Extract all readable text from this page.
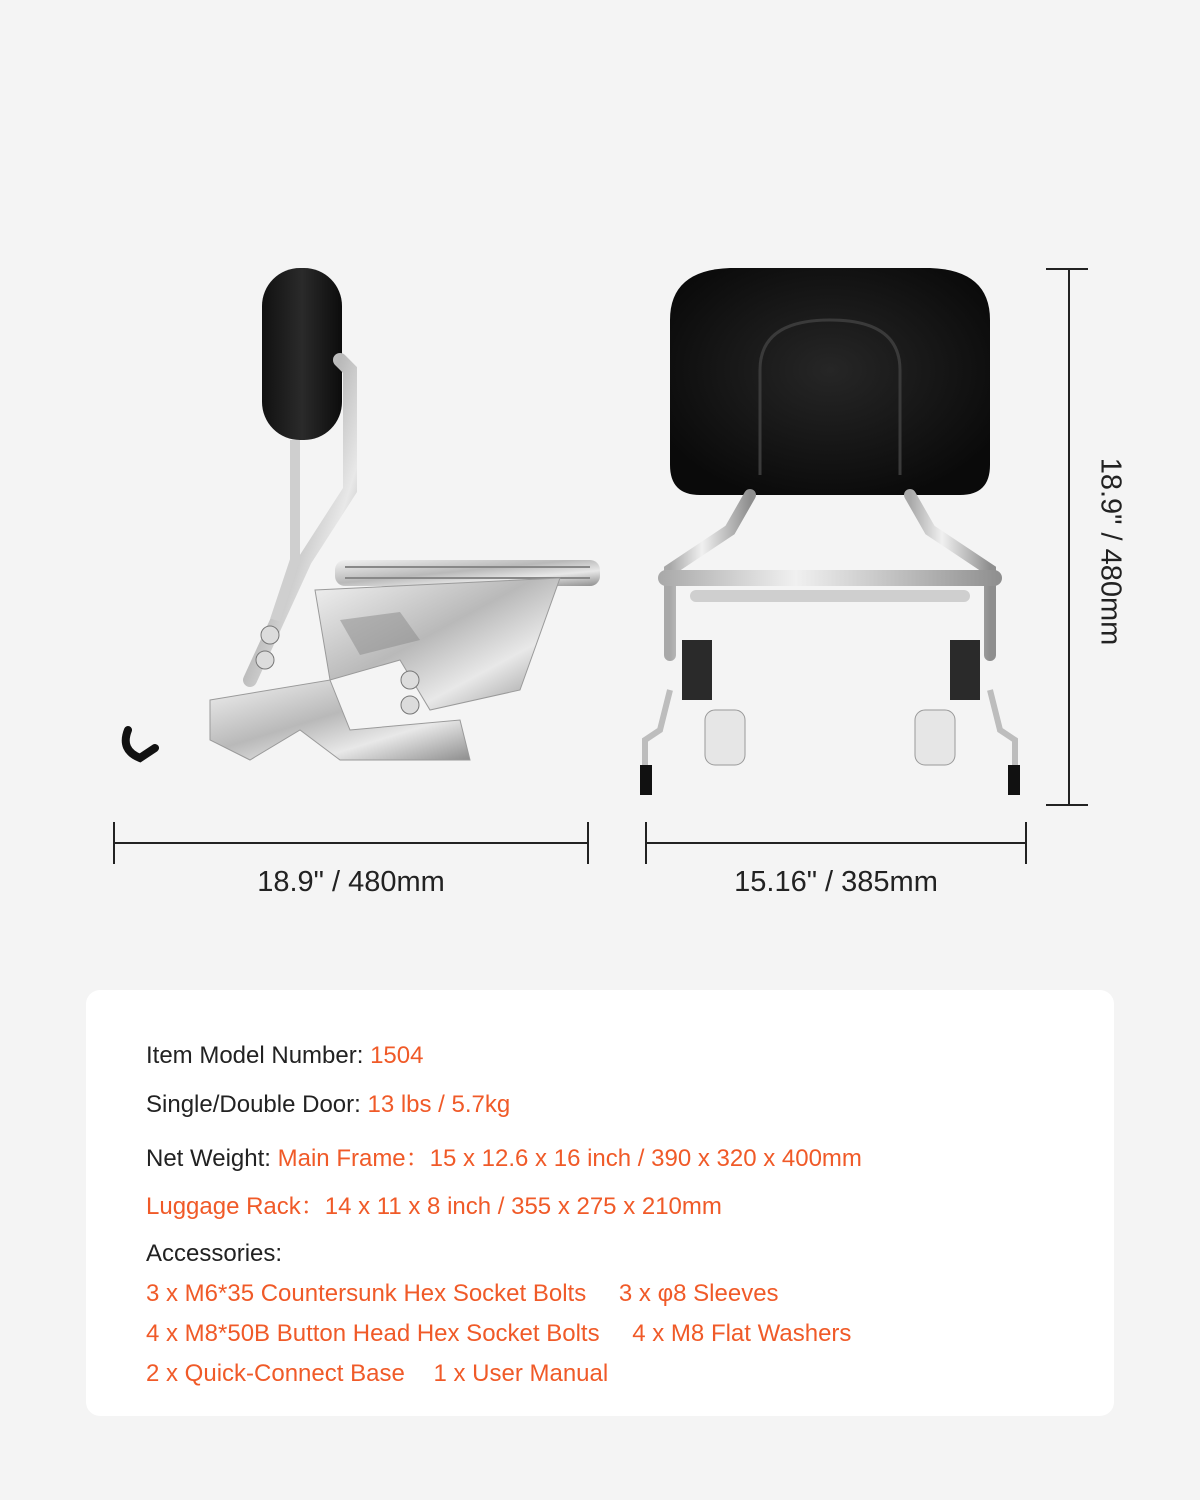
18.9" / 480mm	15.16" / 385mm
18.9" / 480mm
Item Model Number: 1504
Single/Double Door: 13 lbs / 5.7kg
Net Weight: Main Frame：15 x 12.6 x 16 inch / 390 x 320 x 400mm
Luggage Rack：14 x 11 x 8 inch / 355 x 275 x 210mm
Accessories:
3 x M6*35 Countersunk Hex Socket Bolts 3 x φ8 Sleeves
4 x M8*50B Button Head Hex Socket Bolts 4 x M8 Flat Washers
2 x Quick-Connect Base 1 x User Manual
